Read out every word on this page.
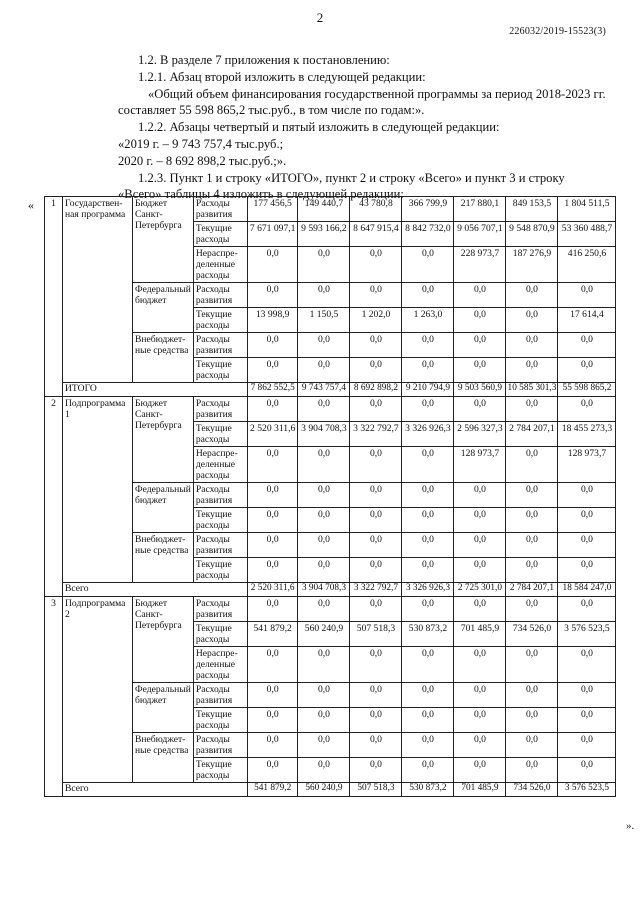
2
226032/2019-15523(3)
1.2. В разделе 7 приложения к постановлению:
1.2.1. Абзац второй изложить в следующей редакции:
«Общий объем финансирования государственной программы за период 2018-2023 гг.
составляет 55 598 865,2 тыс.руб., в том числе по годам:».
1.2.2. Абзацы четвертый и пятый изложить в следующей редакции:
«2019 г. – 9 743 757,4 тыс.руб.;
2020 г. – 8 692 898,2 тыс.руб.;».
1.2.3. Пункт 1 и строку «ИТОГО», пункт 2 и строку «Всего» и пункт 3 и строку
«Всего» таблицы 4 изложить в следующей редакции:
« 1	Государствен-ная программа	Бюджет Санкт-Петербурга	Расходы развития	177 456,5	149 440,7	43 780,8	366 799,9	217 880,1	849 153,5	1 804 511,5
			Текущие расходы	7 671 097,1	9 593 166,2	8 647 915,4	8 842 732,0	9 056 707,1	9 548 870,9	53 360 488,7
			Нераспре-деленные расходы	0,0	0,0	0,0	0,0	228 973,7	187 276,9	416 250,6
		Федеральный бюджет	Расходы развития	0,0	0,0	0,0	0,0	0,0	0,0	0,0
			Текущие расходы	13 998,9	1 150,5	1 202,0	1 263,0	0,0	0,0	17 614,4
		Внебюджет-ные средства	Расходы развития	0,0	0,0	0,0	0,0	0,0	0,0	0,0
			Текущие расходы	0,0	0,0	0,0	0,0	0,0	0,0	0,0
	ИТОГО			7 862 552,5	9 743 757,4	8 692 898,2	9 210 794,9	9 503 560,9	10 585 301,3	55 598 865,2
2	Подпрограмма 1	Бюджет Санкт-Петербурга	Расходы развития	0,0	0,0	0,0	0,0	0,0	0,0	0,0
			Текущие расходы	2 520 311,6	3 904 708,3	3 322 792,7	3 326 926,3	2 596 327,3	2 784 207,1	18 455 273,3
			Нераспре-деленные расходы	0,0	0,0	0,0	0,0	128 973,7	0,0	128 973,7
		Федеральный бюджет	Расходы развития	0,0	0,0	0,0	0,0	0,0	0,0	0,0
			Текущие расходы	0,0	0,0	0,0	0,0	0,0	0,0	0,0
		Внебюджет-ные средства	Расходы развития	0,0	0,0	0,0	0,0	0,0	0,0	0,0
			Текущие расходы	0,0	0,0	0,0	0,0	0,0	0,0	0,0
	Всего			2 520 311,6	3 904 708,3	3 322 792,7	3 326 926,3	2 725 301,0	2 784 207,1	18 584 247,0
3	Подпрограмма 2	Бюджет Санкт-Петербурга	Расходы развития	0,0	0,0	0,0	0,0	0,0	0,0	0,0
			Текущие расходы	541 879,2	560 240,9	507 518,3	530 873,2	701 485,9	734 526,0	3 576 523,5
			Нераспре-деленные расходы	0,0	0,0	0,0	0,0	0,0	0,0	0,0
		Федеральный бюджет	Расходы развития	0,0	0,0	0,0	0,0	0,0	0,0	0,0
			Текущие расходы	0,0	0,0	0,0	0,0	0,0	0,0	0,0
		Внебюджет-ные средства	Расходы развития	0,0	0,0	0,0	0,0	0,0	0,0	0,0
			Текущие расходы	0,0	0,0	0,0	0,0	0,0	0,0	0,0
	Всего			541 879,2	560 240,9	507 518,3	530 873,2	701 485,9	734 526,0	3 576 523,5
».
